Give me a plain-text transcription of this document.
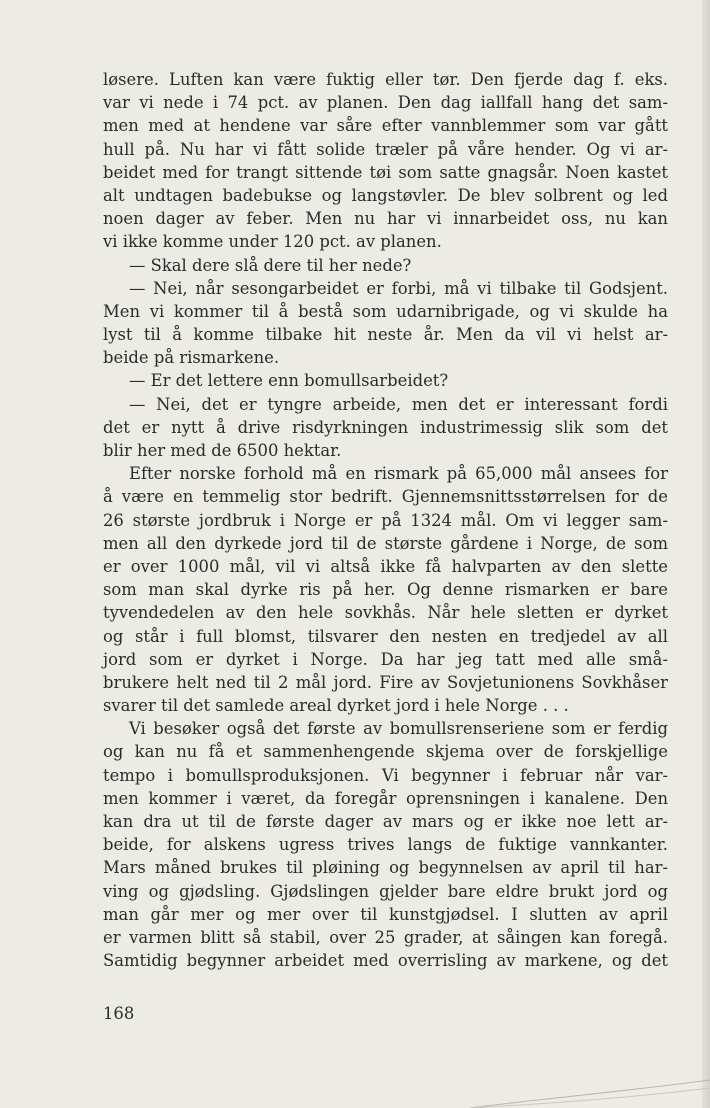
løsere. Luften kan være fuktig eller tør. Den fjerde dag f. eks.
var vi nede i 74 pct. av planen. Den dag iallfall hang det sam-
men med at hendene var såre efter vannblemmer som var gått
hull på. Nu har vi fått solide træler på våre hender. Og vi ar-
beidet med for trangt sittende tøi som satte gnagsår. Noen kastet
alt undtagen badebukse og langstøvler. De blev solbrent og led
noen dager av feber. Men nu har vi innarbeidet oss, nu kan
vi ikke komme under 120 pct. av planen.
— Skal dere slå dere til her nede?
— Nei, når sesongarbeidet er forbi, må vi tilbake til Godsjent.
Men vi kommer til å bestå som udarnibrigade, og vi skulde ha
lyst til å komme tilbake hit neste år. Men da vil vi helst ar-
beide på rismarkene.
— Er det lettere enn bomullsarbeidet?
— Nei, det er tyngre arbeide, men det er interessant fordi
det er nytt å drive risdyrkningen industrimessig slik som det
blir her med de 6500 hektar.
Efter norske forhold må en rismark på 65,000 mål ansees for
å være en temmelig stor bedrift. Gjennemsnittsstørrelsen for de
26 største jordbruk i Norge er på 1324 mål. Om vi legger sam-
men all den dyrkede jord til de største gårdene i Norge, de som
er over 1000 mål, vil vi altså ikke få halvparten av den slette
som man skal dyrke ris på her. Og denne rismarken er bare
tyvendedelen av den hele sovkhås. Når hele sletten er dyrket
og står i full blomst, tilsvarer den nesten en tredjedel av all
jord som er dyrket i Norge. Da har jeg tatt med alle små-
brukere helt ned til 2 mål jord. Fire av Sovjetunionens Sovkhåser
svarer til det samlede areal dyrket jord i hele Norge . . .
Vi besøker også det første av bomullsrenseriene som er ferdig
og kan nu få et sammenhengende skjema over de forskjellige
tempo i bomullsproduksjonen. Vi begynner i februar når var-
men kommer i været, da foregår oprensningen i kanalene. Den
kan dra ut til de første dager av mars og er ikke noe lett ar-
beide, for alskens ugress trives langs de fuktige vannkanter.
Mars måned brukes til pløining og begynnelsen av april til har-
ving og gjødsling. Gjødslingen gjelder bare eldre brukt jord og
man går mer og mer over til kunstgjødsel. I slutten av april
er varmen blitt så stabil, over 25 grader, at såingen kan foregå.
Samtidig begynner arbeidet med overrisling av markene, og det
168
